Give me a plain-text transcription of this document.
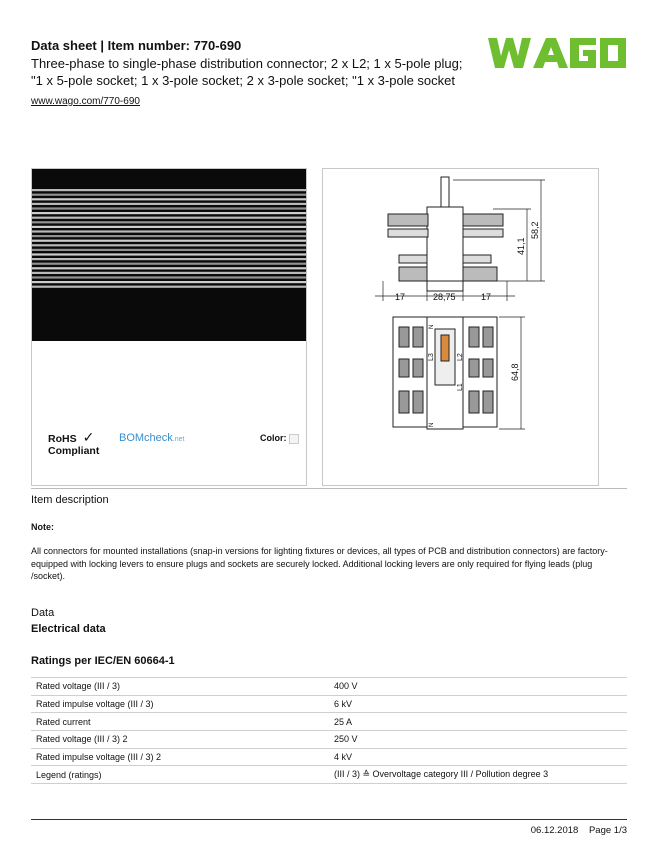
Data sheet | Item number: 770-690
Three-phase to single-phase distribution connector; 2 x L2; 1 x 5-pole plug;
"1 x 5-pole socket; 1 x 3-pole socket; 2 x 3-pole socket; "1 x 3-pole socket
www.wago.com/770-690
RoHS ✓
Compliant
BOMcheck.net	Color:
17	28,75	17
41,1
58,2
64,8
L3	L2
L1
N
N
Item description
Note:
All connectors for mounted installations (snap-in versions for lighting fixtures or devices, all types of PCB and distribution connectors) are factory-equipped with locking levers to ensure plugs and sockets are securely locked. Additional locking levers are only required for flying leads (plug /socket).
Data
Electrical data
Ratings per IEC/EN 60664-1
Rated voltage (III / 3)	400 V
Rated impulse voltage (III / 3)	6 kV
Rated current	25 A
Rated voltage (III / 3) 2	250 V
Rated impulse voltage (III / 3) 2	4 kV
Legend (ratings)	(III / 3) ≙ Overvoltage category III / Pollution degree 3
06.12.2018 Page 1/3
